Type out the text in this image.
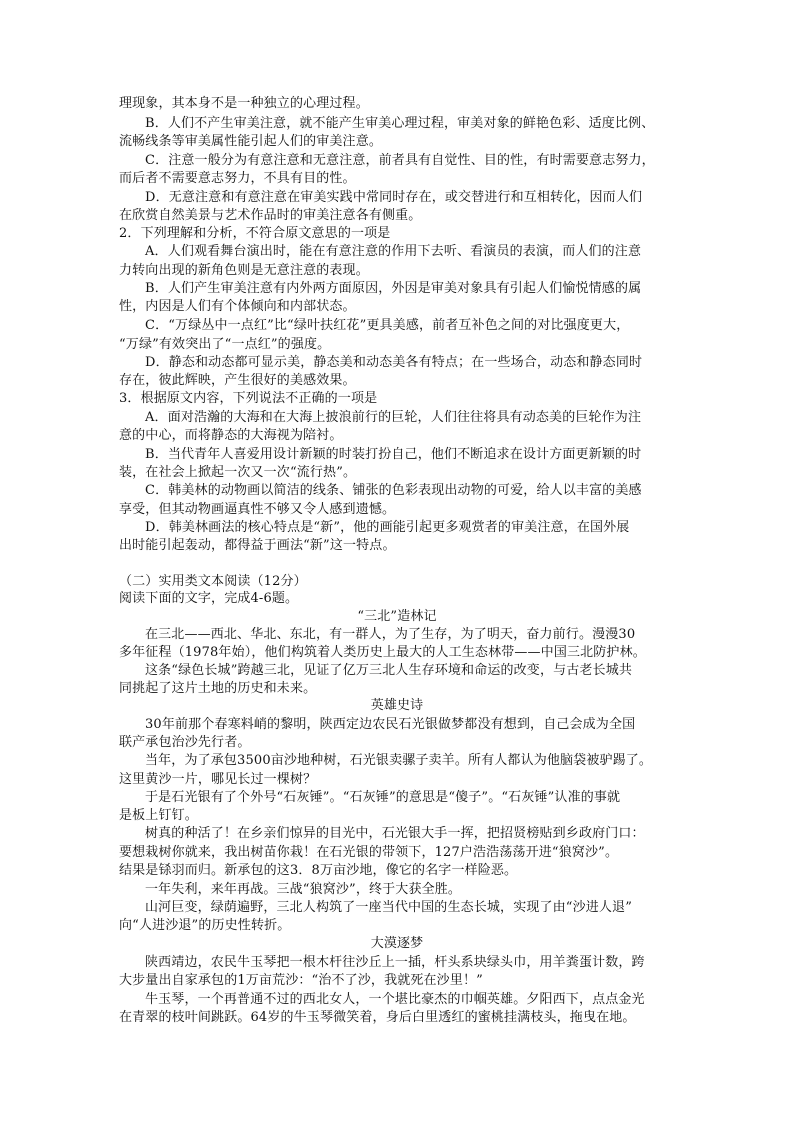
理现象，其本身不是一种独立的心理过程。
B．人们不产生审美注意，就不能产生审美心理过程，审美对象的鲜艳色彩、适度比例、
流畅线条等审美属性能引起人们的审美注意。
C．注意一般分为有意注意和无意注意，前者具有自觉性、目的性，有时需要意志努力，
而后者不需要意志努力，不具有目的性。
D．无意注意和有意注意在审美实践中常同时存在，或交替进行和互相转化，因而人们
在欣赏自然美景与艺术作品时的审美注意各有侧重。
2．下列理解和分析，不符合原文意思的一项是
A．人们观看舞台演出时，能在有意注意的作用下去听、看演员的表演，而人们的注意
力转向出现的新角色则是无意注意的表现。
B．人们产生审美注意有内外两方面原因，外因是审美对象具有引起人们愉悦情感的属
性，内因是人们有个体倾向和内部状态。
C．“万绿丛中一点红”比“绿叶扶红花”更具美感，前者互补色之间的对比强度更大，
“万绿”有效突出了“一点红”的强度。
D．静态和动态都可显示美，静态美和动态美各有特点；在一些场合，动态和静态同时
存在，彼此辉映，产生很好的美感效果。
3．根据原文内容，下列说法不正确的一项是
A．面对浩瀚的大海和在大海上披浪前行的巨轮，人们往往将具有动态美的巨轮作为注
意的中心，而将静态的大海视为陪衬。
B．当代青年人喜爱用设计新颖的时装打扮自己，他们不断追求在设计方面更新颖的时
装，在社会上掀起一次又一次“流行热”。
C．韩美林的动物画以简洁的线条、铺张的色彩表现出动物的可爱，给人以丰富的美感
享受，但其动物画逼真性不够又令人感到遗憾。
D．韩美林画法的核心特点是“新”，他的画能引起更多观赏者的审美注意，在国外展
出时能引起轰动，都得益于画法“新”这一特点。
（二）实用类文本阅读（12分）
阅读下面的文字，完成4-6题。
“三北”造林记
在三北——西北、华北、东北，有一群人，为了生存，为了明天，奋力前行。漫漫30
多年征程（1978年始），他们构筑着人类历史上最大的人工生态林带——中国三北防护林。
这条“绿色长城”跨越三北，见证了亿万三北人生存环境和命运的改变，与古老长城共
同挑起了这片土地的历史和未来。
英雄史诗
30年前那个春寒料峭的黎明，陕西定边农民石光银做梦都没有想到，自己会成为全国
联产承包治沙先行者。
当年，为了承包3500亩沙地种树，石光银卖骡子卖羊。所有人都认为他脑袋被驴踢了。
这里黄沙一片，哪见长过一棵树？
于是石光银有了个外号“石灰锤”。“石灰锤”的意思是“傻子”。“石灰锤”认准的事就
是板上钉钉。
树真的种活了！在乡亲们惊异的目光中，石光银大手一挥，把招贤榜贴到乡政府门口：
要想栽树你就来，我出树苗你栽！在石光银的带领下，127户浩浩荡荡开进“狼窝沙”。
结果是铩羽而归。新承包的这3．8万亩沙地，像它的名字一样险恶。
一年失利，来年再战。三战“狼窝沙”，终于大获全胜。
山河巨变，绿荫遍野，三北人构筑了一座当代中国的生态长城，实现了由“沙进人退”
向“人进沙退”的历史性转折。
大漠逐梦
陕西靖边，农民牛玉琴把一根木杆往沙丘上一插，杆头系块绿头巾，用羊粪蛋计数，跨
大步量出自家承包的1万亩荒沙：“治不了沙，我就死在沙里！”
牛玉琴，一个再普通不过的西北女人，一个堪比豪杰的巾帼英雄。夕阳西下，点点金光
在青翠的枝叶间跳跃。64岁的牛玉琴微笑着，身后白里透红的蜜桃挂满枝头，拖曳在地。
